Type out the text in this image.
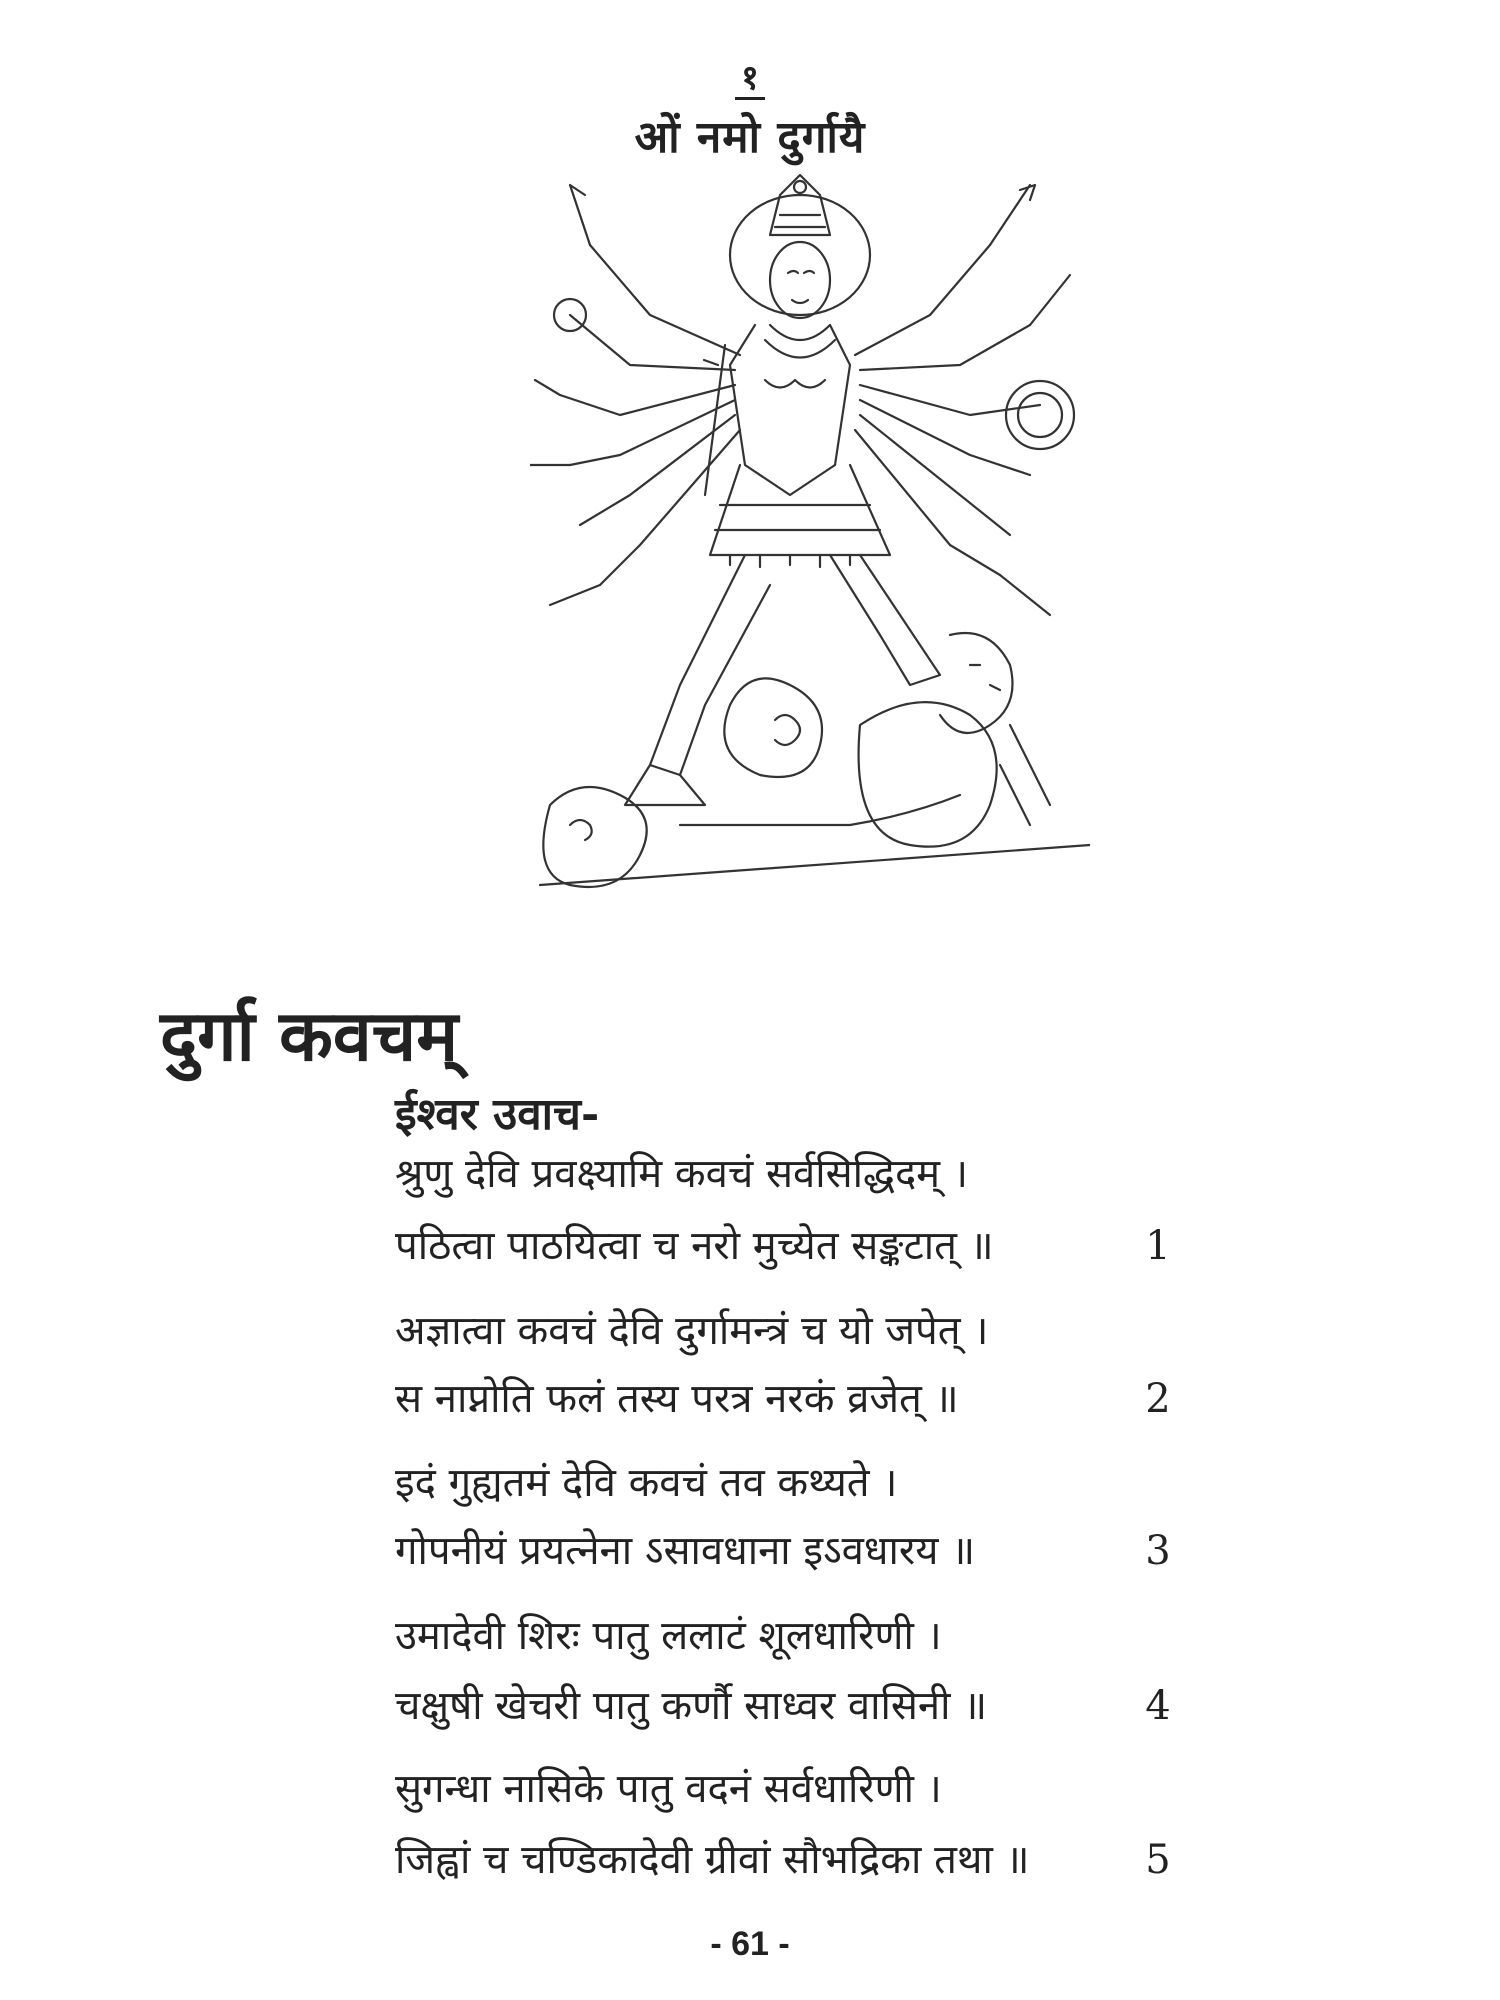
१
ओं नमो दुर्गायै
दुर्गा कवचम्
ईश्वर उवाच-
श्रुणु देवि प्रवक्ष्यामि कवचं सर्वसिद्धिदम् ।
पठित्वा पाठयित्वा च नरो मुच्येत सङ्कटात् ॥	1
अज्ञात्वा कवचं देवि दुर्गामन्त्रं च यो जपेत् ।
स नाप्नोति फलं तस्य परत्र नरकं व्रजेत् ॥	2
इदं गुह्यतमं देवि कवचं तव कथ्यते ।
गोपनीयं प्रयत्नेना ऽसावधाना इऽवधारय ॥	3
उमादेवी शिरः पातु ललाटं शूलधारिणी ।
चक्षुषी खेचरी पातु कर्णौ साध्वर वासिनी ॥	4
सुगन्धा नासिके पातु वदनं सर्वधारिणी ।
जिह्वां च चण्डिकादेवी ग्रीवां सौभद्रिका तथा ॥	5
- 61 -
